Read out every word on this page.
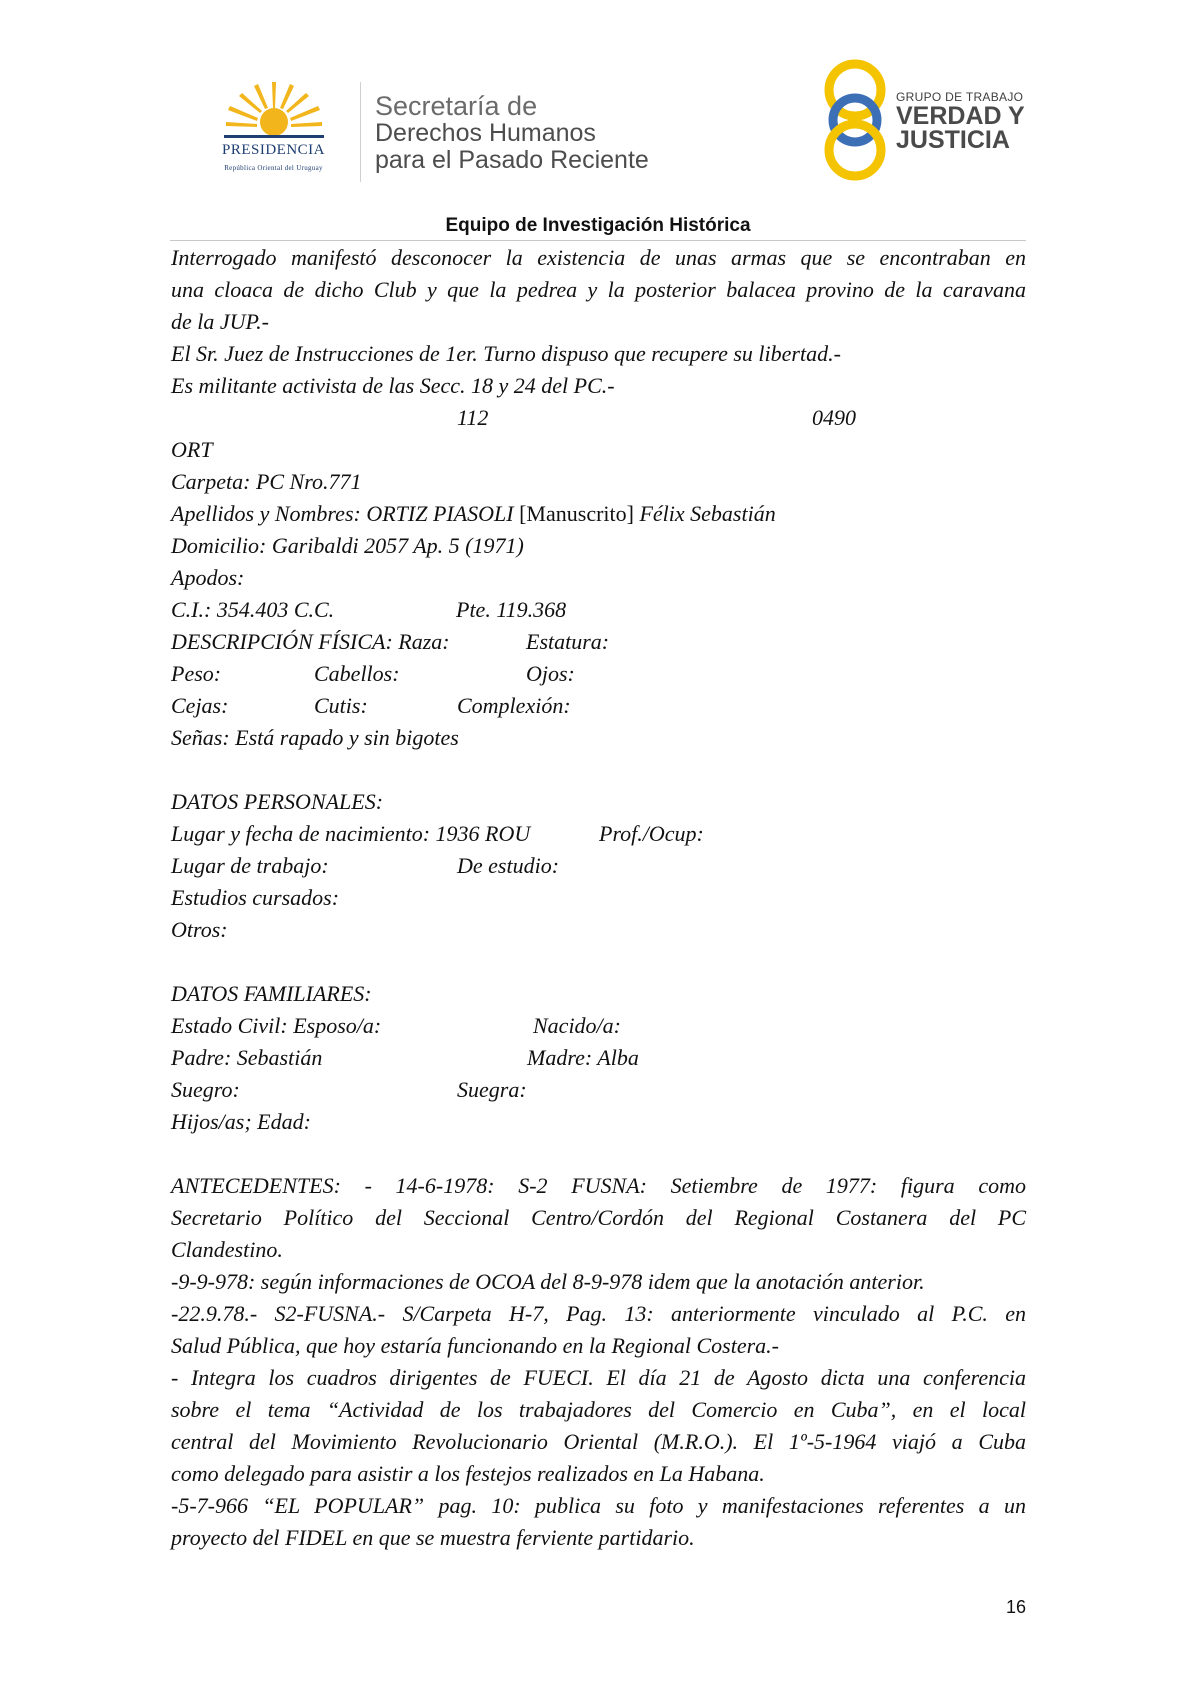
PRESIDENCIA
República Oriental del Uruguay
Secretaría de
Derechos Humanos
para el Pasado Reciente
GRUPO DE TRABAJO
VERDAD Y
JUSTICIA
Equipo de Investigación Histórica
Interrogado manifestó desconocer la existencia de unas armas que se encontraban en
una cloaca de dicho Club y que la pedrea y la posterior balacea provino de la caravana
de la JUP.-
El Sr. Juez de Instrucciones de 1er. Turno dispuso que recupere su libertad.-
Es militante activista de las Secc. 18 y 24 del PC.-
112	0490
ORT
Carpeta: PC Nro.771
Apellidos y Nombres: ORTIZ PIASOLI [Manuscrito] Félix Sebastián
Domicilio: Garibaldi 2057 Ap. 5 (1971)
Apodos:
C.I.: 354.403 C.C.	Pte. 119.368
DESCRIPCIÓN FÍSICA: Raza:	Estatura:
Peso:	Cabellos:	Ojos:
Cejas:	Cutis:	Complexión:
Señas: Está rapado y sin bigotes
DATOS PERSONALES:
Lugar y fecha de nacimiento: 1936 ROU	Prof./Ocup:
Lugar de trabajo:	De estudio:
Estudios cursados:
Otros:
DATOS FAMILIARES:
Estado Civil: Esposo/a:	Nacido/a:
Padre: Sebastián	Madre: Alba
Suegro:	Suegra:
Hijos/as; Edad:
ANTECEDENTES: - 14-6-1978: S-2 FUSNA: Setiembre de 1977: figura como
Secretario Político del Seccional Centro/Cordón del Regional Costanera del PC
Clandestino.
-9-9-978: según informaciones de OCOA del 8-9-978 idem que la anotación anterior.
-22.9.78.- S2-FUSNA.- S/Carpeta H-7, Pag. 13: anteriormente vinculado al P.C. en
Salud Pública, que hoy estaría funcionando en la Regional Costera.-
- Integra los cuadros dirigentes de FUECI. El día 21 de Agosto dicta una conferencia
sobre el tema “Actividad de los trabajadores del Comercio en Cuba”, en el local
central del Movimiento Revolucionario Oriental (M.R.O.). El 1º-5-1964 viajó a Cuba
como delegado para asistir a los festejos realizados en La Habana.
-5-7-966 “EL POPULAR” pag. 10: publica su foto y manifestaciones referentes a un
proyecto del FIDEL en que se muestra ferviente partidario.
16
